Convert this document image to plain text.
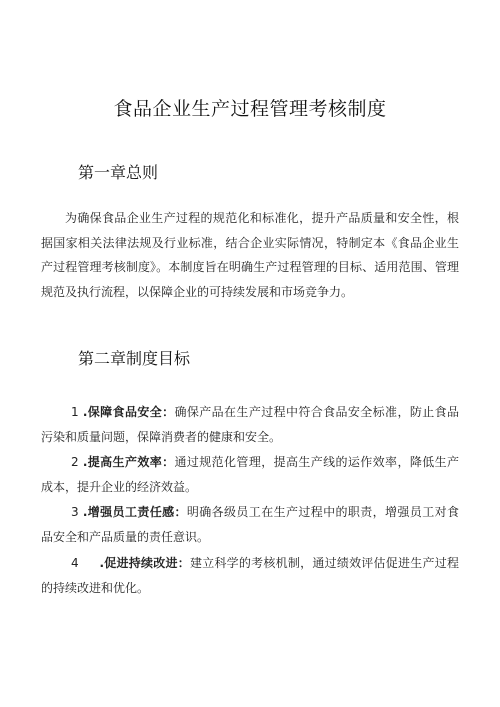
食品企业生产过程管理考核制度
第一章总则

为确保食品企业生产过程的规范化和标准化，提升产品质量和安全性，根据国家相关法律法规及行业标准，结合企业实际情况，特制定本《食品企业生产过程管理考核制度》。本制度旨在明确生产过程管理的目标、适用范围、管理规范及执行流程，以保障企业的可持续发展和市场竞争力。

第二章制度目标

1 .保障食品安全：确保产品在生产过程中符合食品安全标准，防止食品污染和质量问题，保障消费者的健康和安全。

2 .提高生产效率：通过规范化管理，提高生产线的运作效率，降低生产成本，提升企业的经济效益。

3 .增强员工责任感：明确各级员工在生产过程中的职责，增强员工对食品安全和产品质量的责任意识。

4 .促进持续改进：建立科学的考核机制，通过绩效评估促进生产过程的持续改进和优化。
